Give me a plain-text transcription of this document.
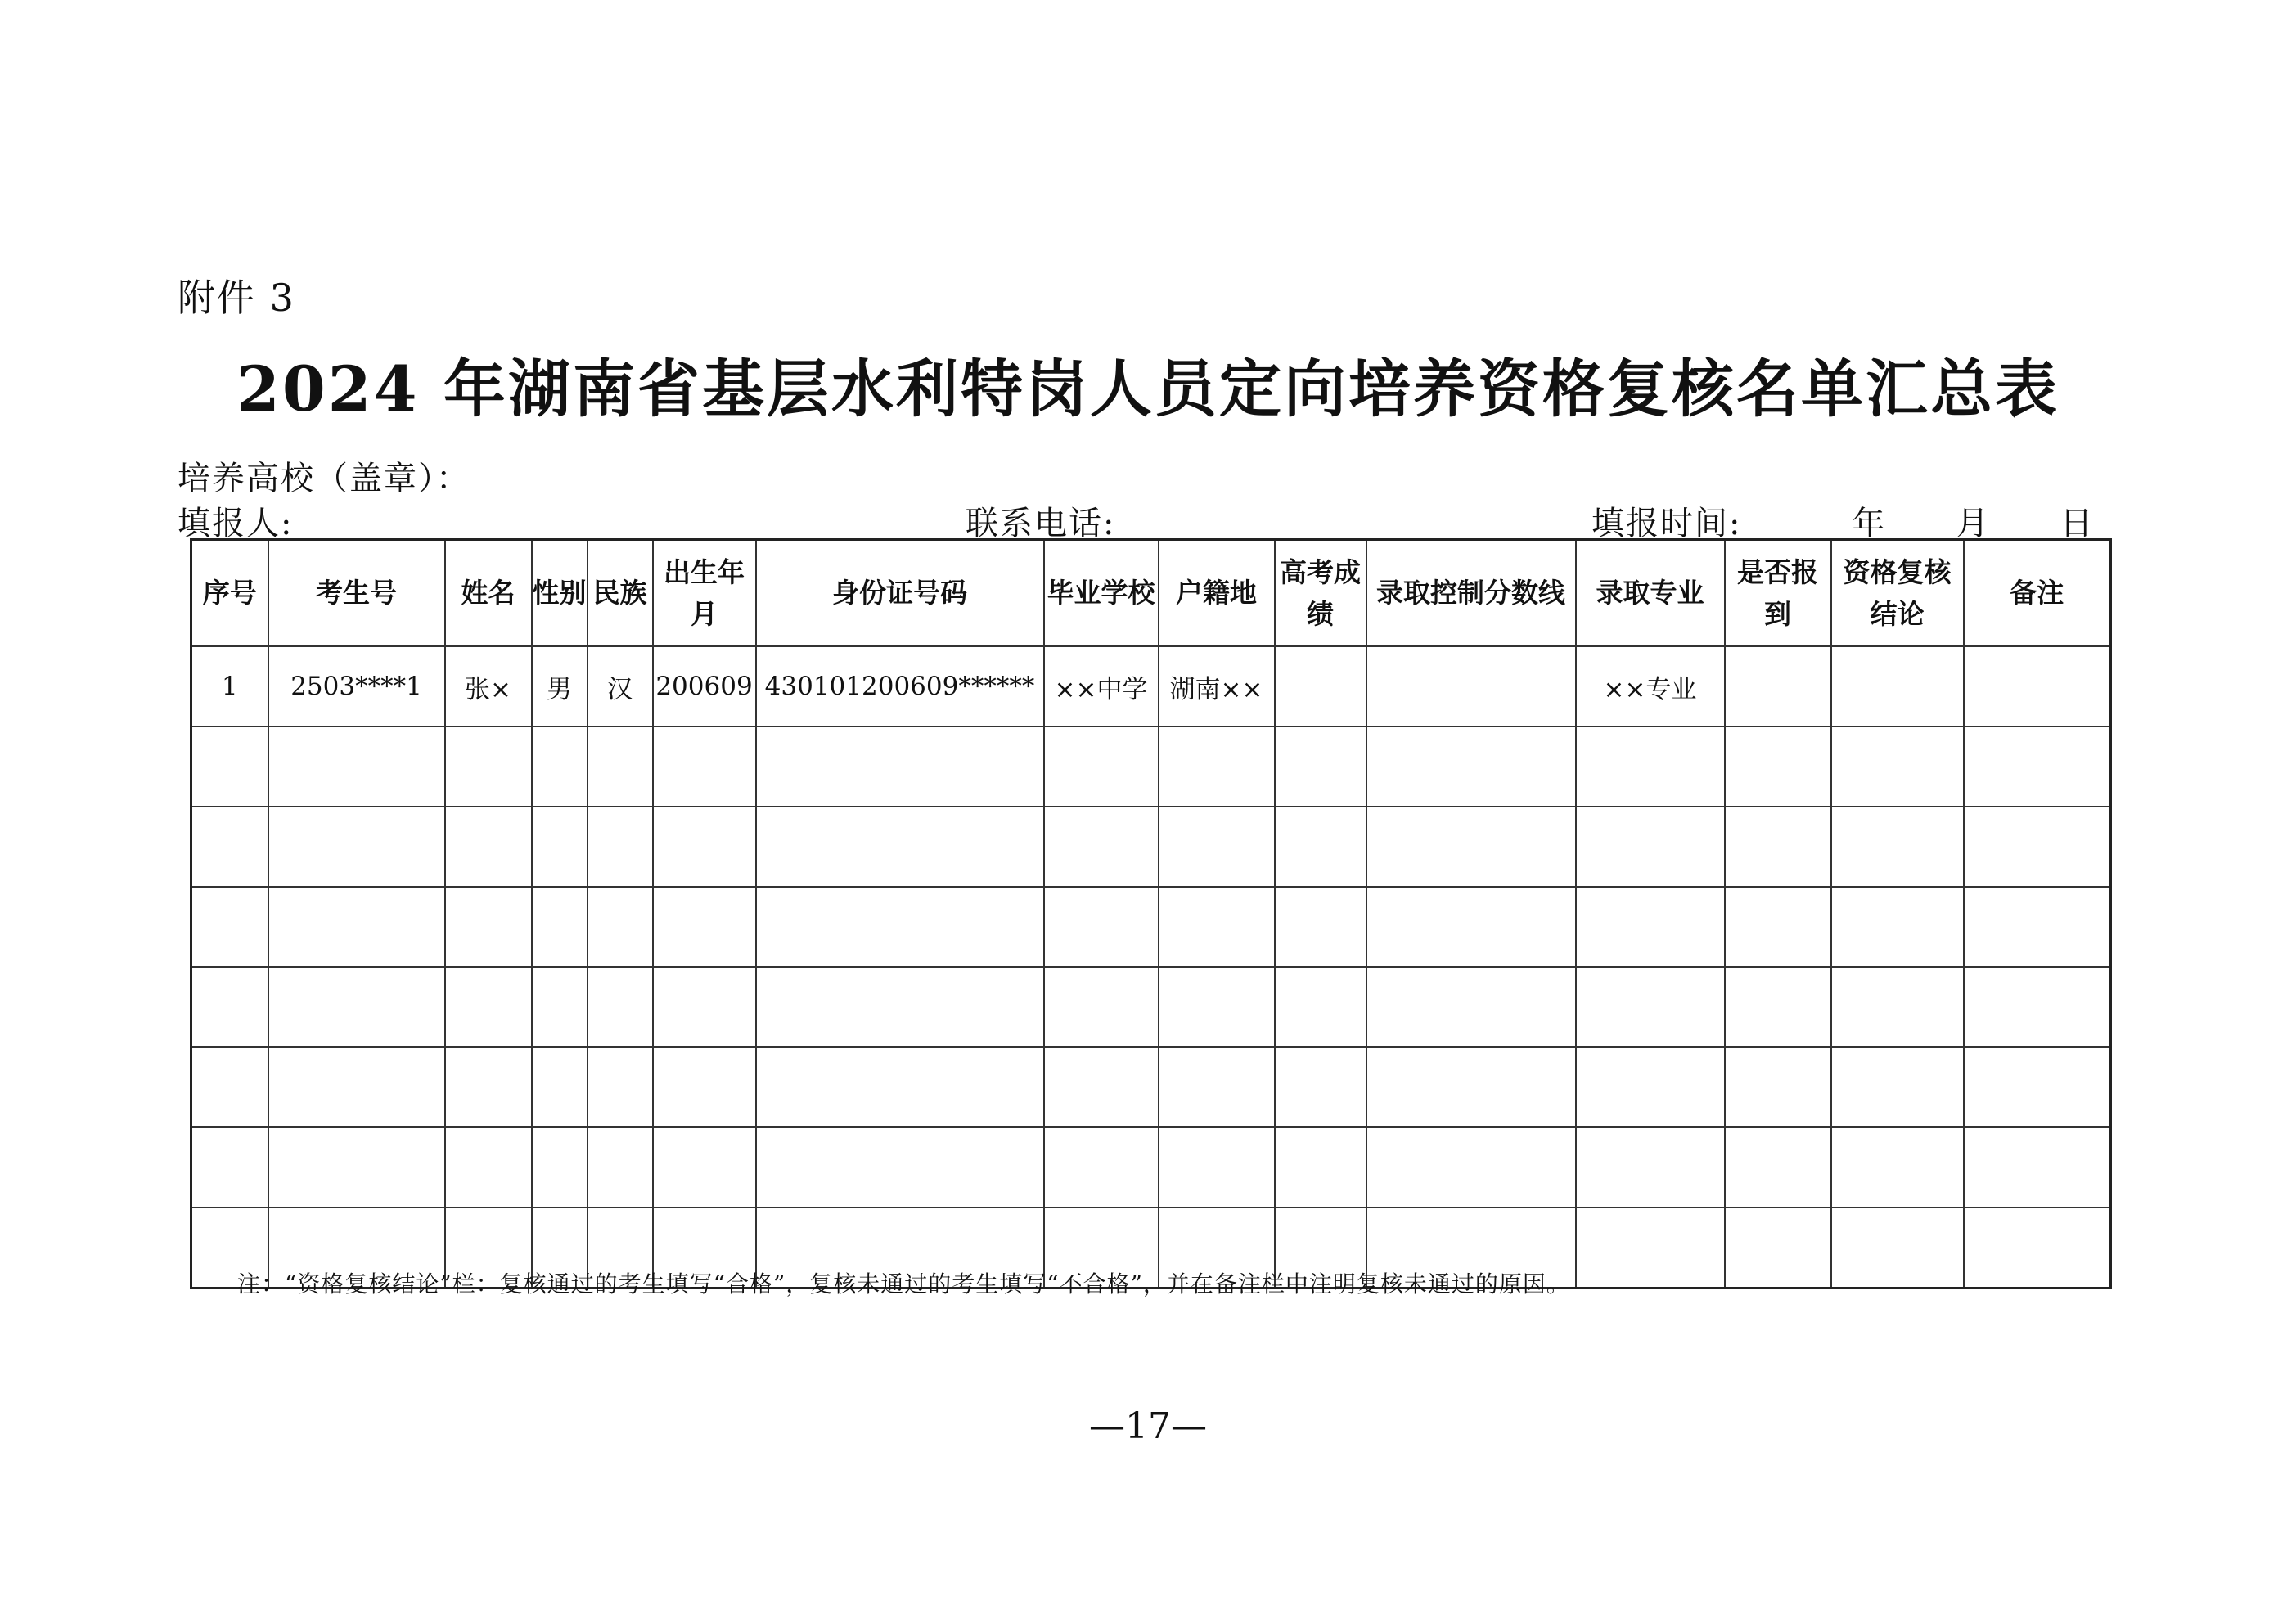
附件 3
2024 年湖南省基层水利特岗人员定向培养资格复核名单汇总表
培养高校（盖章）：
填报人:	联系电话:	填报时间:	年 月 日
序号	考生号	姓名	性别	民族	出生年月	身份证号码	毕业学校	户籍地	高考成绩	录取控制分数线	录取专业	是否报到	资格复核结论	备注
1	2503****1	张×	男	汉	200609	430101200609******	××中学	湖南××			××专业			

注：“资格复核结论”栏：复核通过的考生填写“合格”，复核未通过的考生填写“不合格”，并在备注栏中注明复核未通过的原因。
—17—
